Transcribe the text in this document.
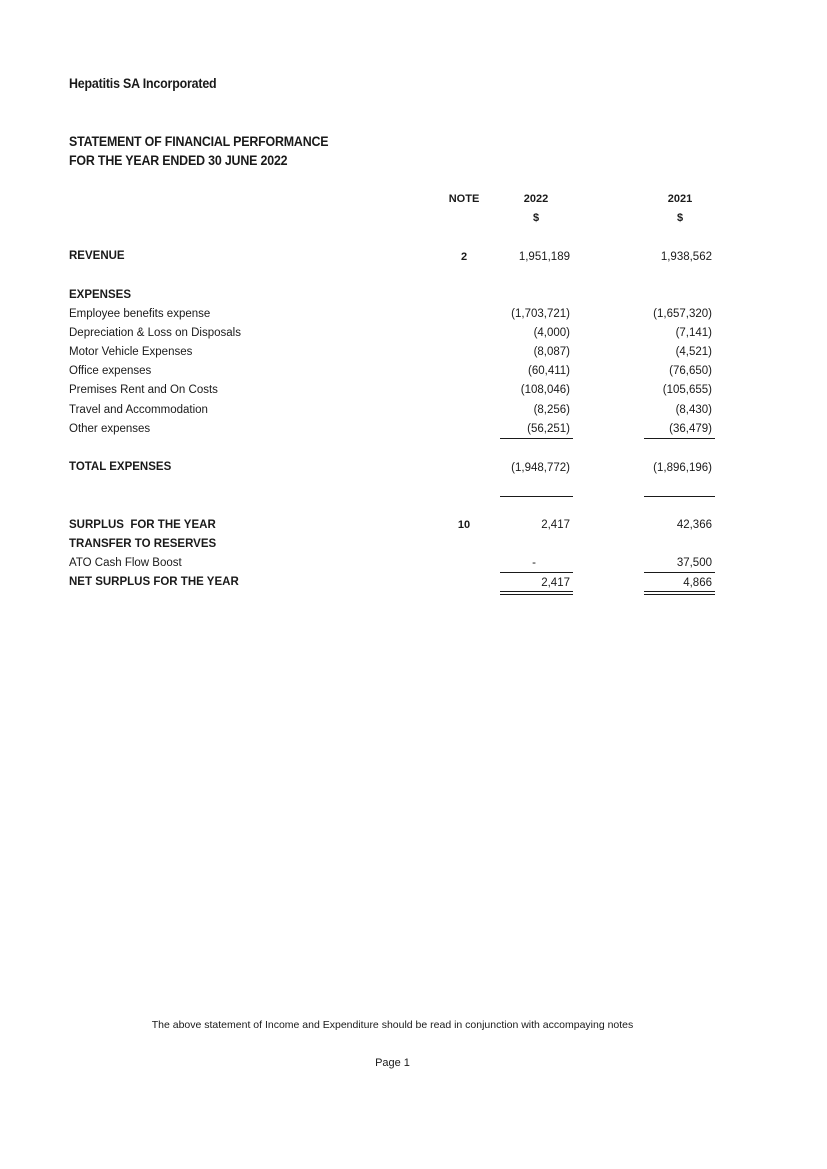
Hepatitis SA Incorporated
STATEMENT OF FINANCIAL PERFORMANCE
FOR THE YEAR ENDED 30 JUNE 2022
NOTE	2022	2021
$	$
REVENUE	2	1,951,189	1,938,562
EXPENSES
Employee benefits expense	(1,703,721)	(1,657,320)
Depreciation & Loss on Disposals	(4,000)	(7,141)
Motor Vehicle Expenses	(8,087)	(4,521)
Office expenses	(60,411)	(76,650)
Premises Rent and On Costs	(108,046)	(105,655)
Travel and Accommodation	(8,256)	(8,430)
Other expenses	(56,251)	(36,479)
TOTAL EXPENSES	(1,948,772)	(1,896,196)
SURPLUS  FOR THE YEAR	10	2,417	42,366
TRANSFER TO RESERVES
ATO Cash Flow Boost	-	37,500
NET SURPLUS FOR THE YEAR	2,417	4,866
The above statement of Income and Expenditure should be read in conjunction with accompaying notes
Page 1
